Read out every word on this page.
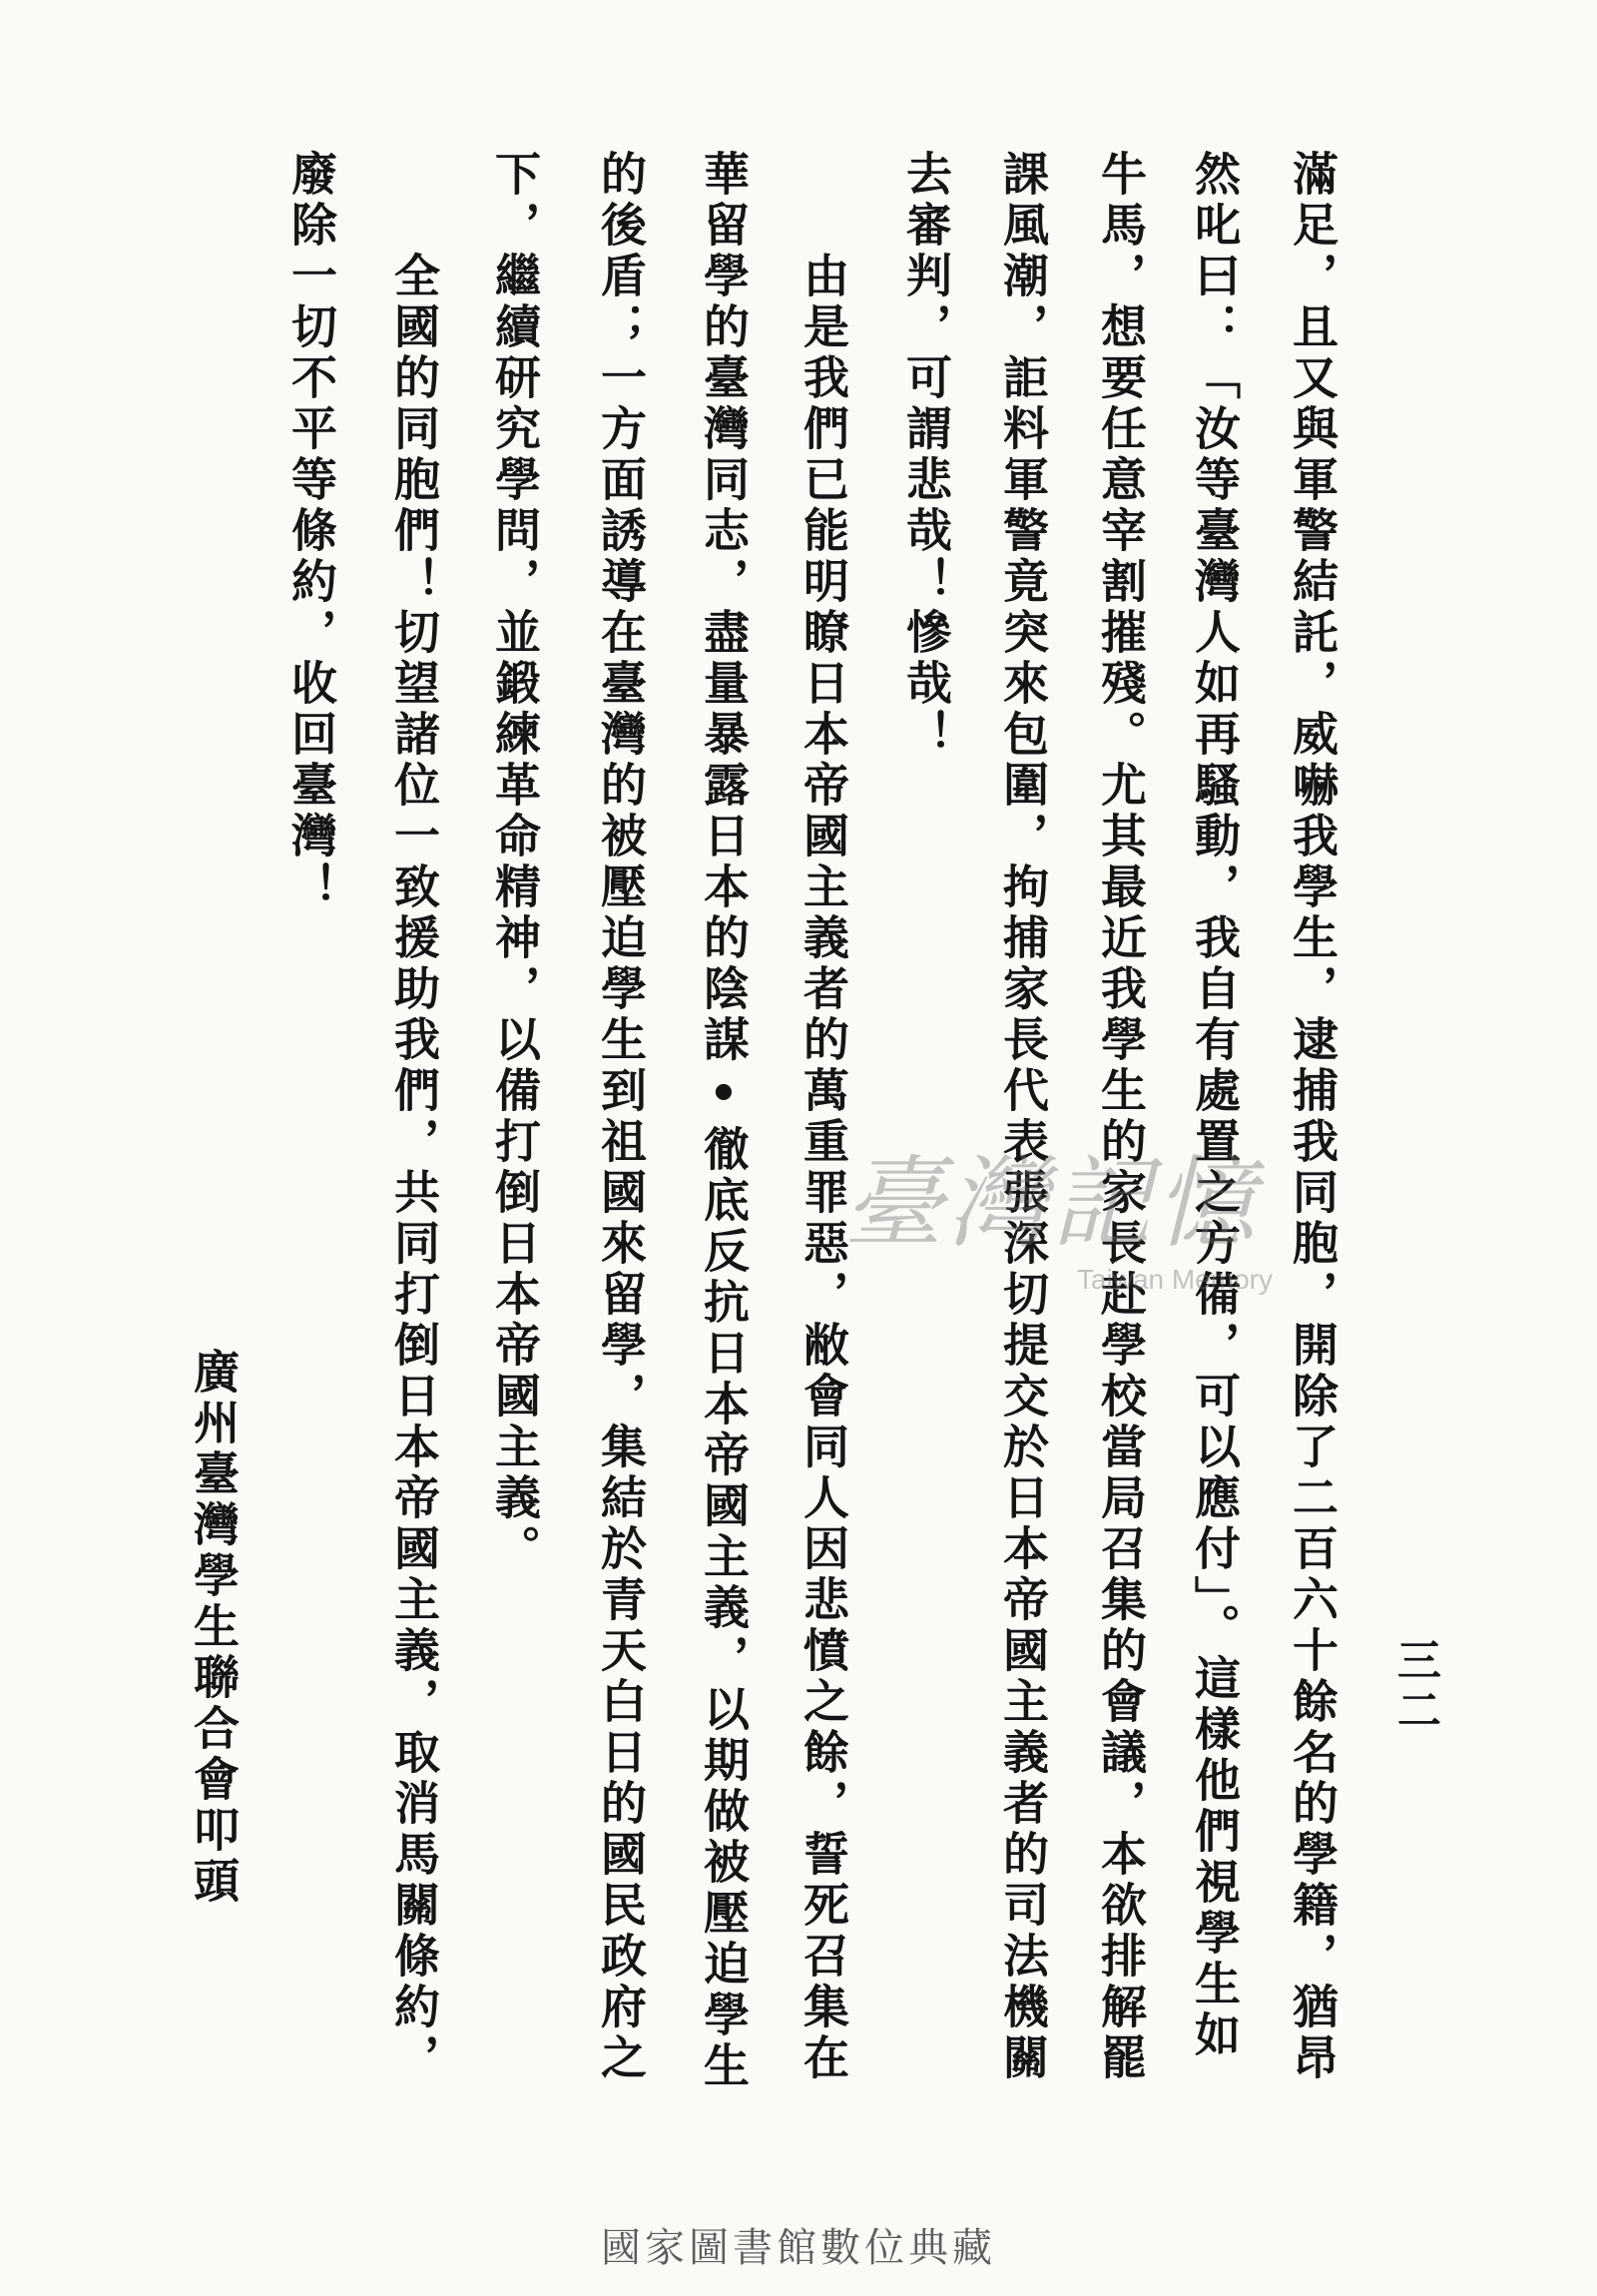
三二
滿足，且又與軍警結託，威嚇我學生，逮捕我同胞，開除了二百六十餘名的學籍，猶昂
然叱曰：「汝等臺灣人如再騷動，我自有處置之方備，可以應付」。這樣他們視學生如
牛馬，想要任意宰割摧殘。尤其最近我學生的家長赴學校當局召集的會議，本欲排解罷
課風潮，詎料軍警竟突來包圍，拘捕家長代表張深切提交於日本帝國主義者的司法機關
去審判，可謂悲哉！慘哉！
由是我們已能明瞭日本帝國主義者的萬重罪惡，敝會同人因悲憤之餘，誓死召集在
華留學的臺灣同志，盡量暴露日本的陰謀•徹底反抗日本帝國主義，以期做被壓迫學生
的後盾；一方面誘導在臺灣的被壓迫學生到祖國來留學，集結於青天白日的國民政府之
下，繼續研究學問，並鍛練革命精神，以備打倒日本帝國主義。
全國的同胞們！切望諸位一致援助我們，共同打倒日本帝國主義，取消馬關條約，
廢除一切不平等條約，收回臺灣！
廣州臺灣學生聯合會叩頭
臺灣記憶
Taiwan Memory
國家圖書館數位典藏
